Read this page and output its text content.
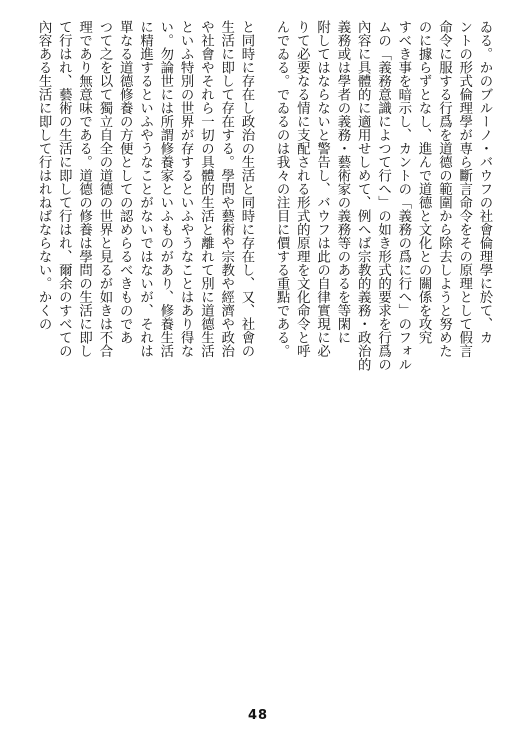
ゐる。かのブルーノ・バウフの社會倫理學に於て、カ
ントの形式倫理學が専ら斷言命令をその原理として假言
命令に服する行爲を道德の範圍から除去しようと努めた
のに據らずとなし、進んで道德と文化との關係を攻究
すべき事を暗示し、カントの「義務の爲に行へ」のフォル
ムの「義務意識によつて行へ」の如き形式的要求を行爲の
內容に具體的に適用せしめて、例へば宗教的義務・政治的
義務或は學者の義務・藝術家の義務等のあるを等閑に
附してはならないと警告し、バウフは此の自律實現に必
りて必要なる情に支配される形式的原理を文化命令と呼
んでゐる。でゐるのは我々の注目に價する重點である。
と同時に存在し政治の生活と同時に存在し、又、社會の
生活に即して存在する。學問や藝術や宗教や經濟や政治
や社會やそれら一切の具體的生活と離れて別に道德生活
といふ特別の世界が存するといふやうなことはあり得な
い。勿論世には所謂修養家といふものがあり、修養生活
に精進するといふやうなことがないではないが、それは
單なる道德修養の方便としての認めらるべきものであ
つて之を以て獨立自全の道德の世界と見るが如きは不合
理であり無意味である。道德の修養は學問の生活に即し
て行はれ、藝術の生活に即して行はれ、爾余のすべての
內容ある生活に即して行はれねばならない。かくの
48
